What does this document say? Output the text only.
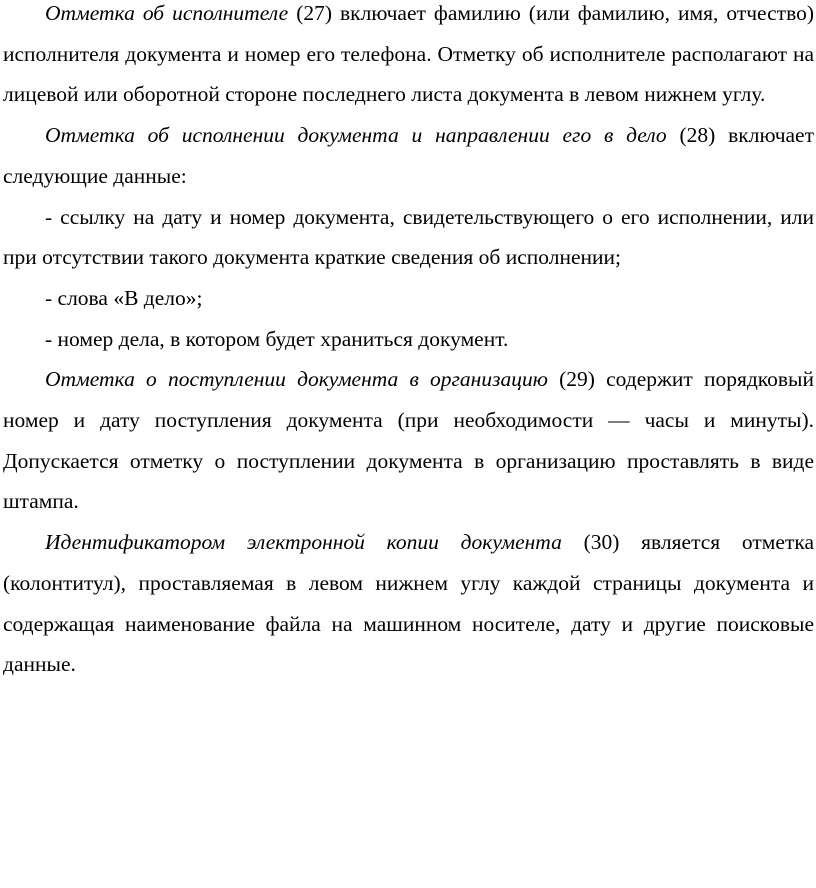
Отметка об исполнителе (27) включает фамилию (или фамилию, имя, отчество) исполнителя документа и номер его телефона. Отметку об исполнителе располагают на лицевой или оборотной стороне последнего листа документа в левом нижнем углу.

Отметка об исполнении документа и направлении его в дело (28) включает следующие данные:

- ссылку на дату и номер документа, свидетельствующего о его исполнении, или при отсутствии такого документа краткие сведения об исполнении;

- слова «В дело»;

- номер дела, в котором будет храниться документ.

Отметка о поступлении документа в организацию (29) содержит порядковый номер и дату поступления документа (при необходимости — часы и минуты). Допускается отметку о поступлении документа в организацию проставлять в виде штампа.

Идентификатором электронной копии документа (30) является отметка (колонтитул), проставляемая в левом нижнем углу каждой страницы документа и содержащая наименование файла на машинном носителе, дату и другие поисковые данные.
